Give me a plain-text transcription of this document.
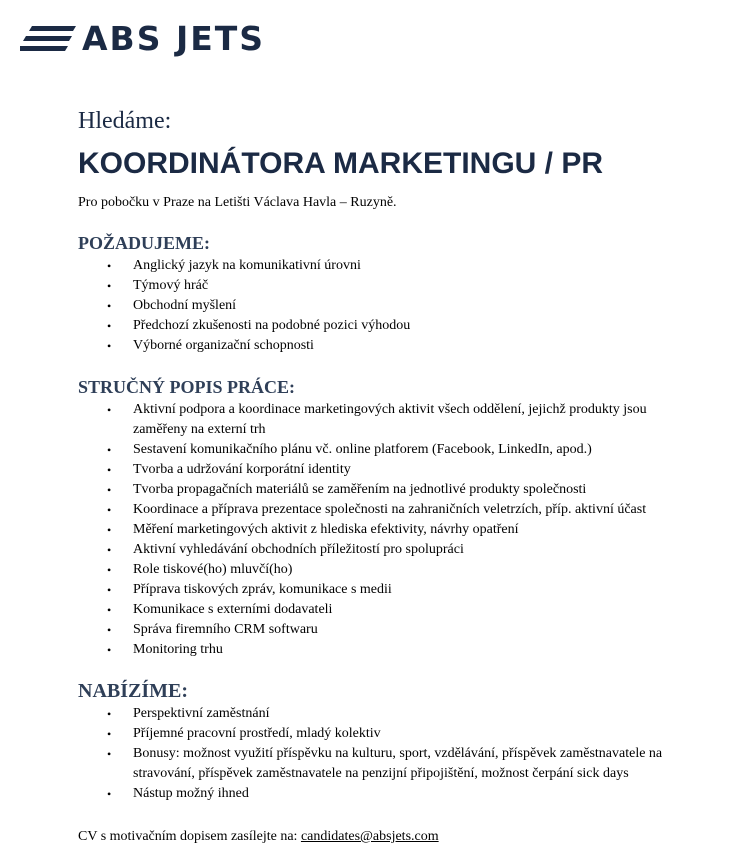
ABS JETS

Hledáme:

KOORDINÁTORA MARKETINGU / PR

Pro pobočku v Praze na Letišti Václava Havla – Ruzyně.

POŽADUJEME:
• Anglický jazyk na komunikativní úrovni
• Týmový hráč
• Obchodní myšlení
• Předchozí zkušenosti na podobné pozici výhodou
• Výborné organizační schopnosti
STRUČNÝ POPIS PRÁCE:
• Aktivní podpora a koordinace marketingových aktivit všech oddělení, jejichž produkty jsou zaměřeny na externí trh
• Sestavení komunikačního plánu vč. online platforem (Facebook, LinkedIn, apod.)
• Tvorba a udržování korporátní identity
• Tvorba propagačních materiálů se zaměřením na jednotlivé produkty společnosti
• Koordinace a příprava prezentace společnosti na zahraničních veletrzích, příp. aktivní účast
• Měření marketingových aktivit z hlediska efektivity, návrhy opatření
• Aktivní vyhledávání obchodních příležitostí pro spolupráci
• Role tiskové(ho) mluvčí(ho)
• Příprava tiskových zpráv, komunikace s medii
• Komunikace s externími dodavateli
• Správa firemního CRM softwaru
• Monitoring trhu
NABÍZÍME:
• Perspektivní zaměstnání
• Příjemné pracovní prostředí, mladý kolektiv
• Bonusy: možnost využití příspěvku na kulturu, sport, vzdělávání, příspěvek zaměstnavatele na stravování, příspěvek zaměstnavatele na penzijní připojištění, možnost čerpání sick days
• Nástup možný ihned

CV s motivačním dopisem zasílejte na: candidates@absjets.com
